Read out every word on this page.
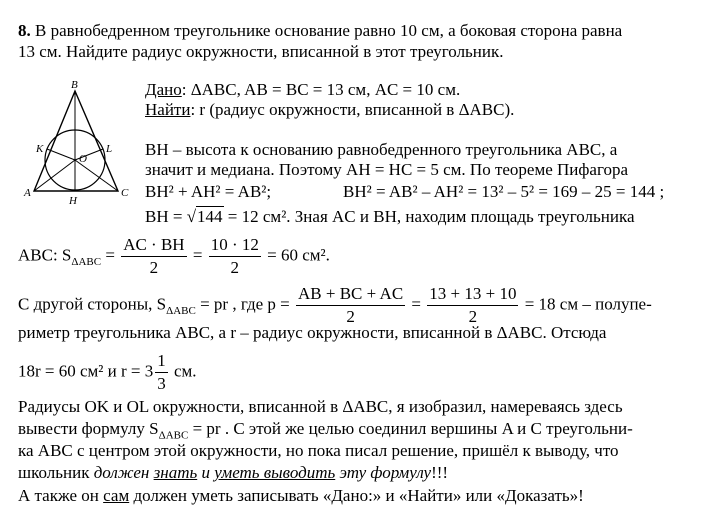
8. В равнобедренном треугольнике основание равно 10 см, а боковая сторона равна
13 см. Найдите радиус окружности, вписанной в этот треугольник.
B
A	C
K	L
O
H
Дано: ΔABC, AB = BC = 13 см, AC = 10 см.
Найти: r (радиус окружности, вписанной в ΔABC).
BH – высота к основанию равнобедренного треугольника ABC, а
значит и медиана. Поэтому AH = HC = 5 см. По теореме Пифагора
BH² + AH² = AB²;	BH² = AB² – AH² = 13² – 5² = 169 – 25 = 144 ;
BH = √144 = 12 см². Зная AC и BH, находим площадь треугольника
ABC: $S_{\Delta ABC} = \frac{AC \cdot BH}{2} = \frac{10 \cdot 12}{2} = 60$ см².
С другой стороны, $S_{\Delta ABC}$ = pr , где $p = \frac{AB + BC + AC}{2} = \frac{13 + 13 + 10}{2} = 18$ см – полупе-
риметр треугольника ABC, а r – радиус окружности, вписанной в ΔABC. Отсюда
18r = 60 см² и $r = 3 \frac{1}{3}$ см.
Радиусы OK и OL окружности, вписанной в ΔABC, я изобразил, намереваясь здесь
вывести формулу $S_{\Delta ABC}$ = pr . С этой же целью соединил вершины A и C треугольни-
ка ABC с центром этой окружности, но пока писал решение, пришёл к выводу, что
школьник должен знать и уметь выводить эту формулу!!!
А также он сам должен уметь записывать «Дано:» и «Найти» или «Доказать»!
